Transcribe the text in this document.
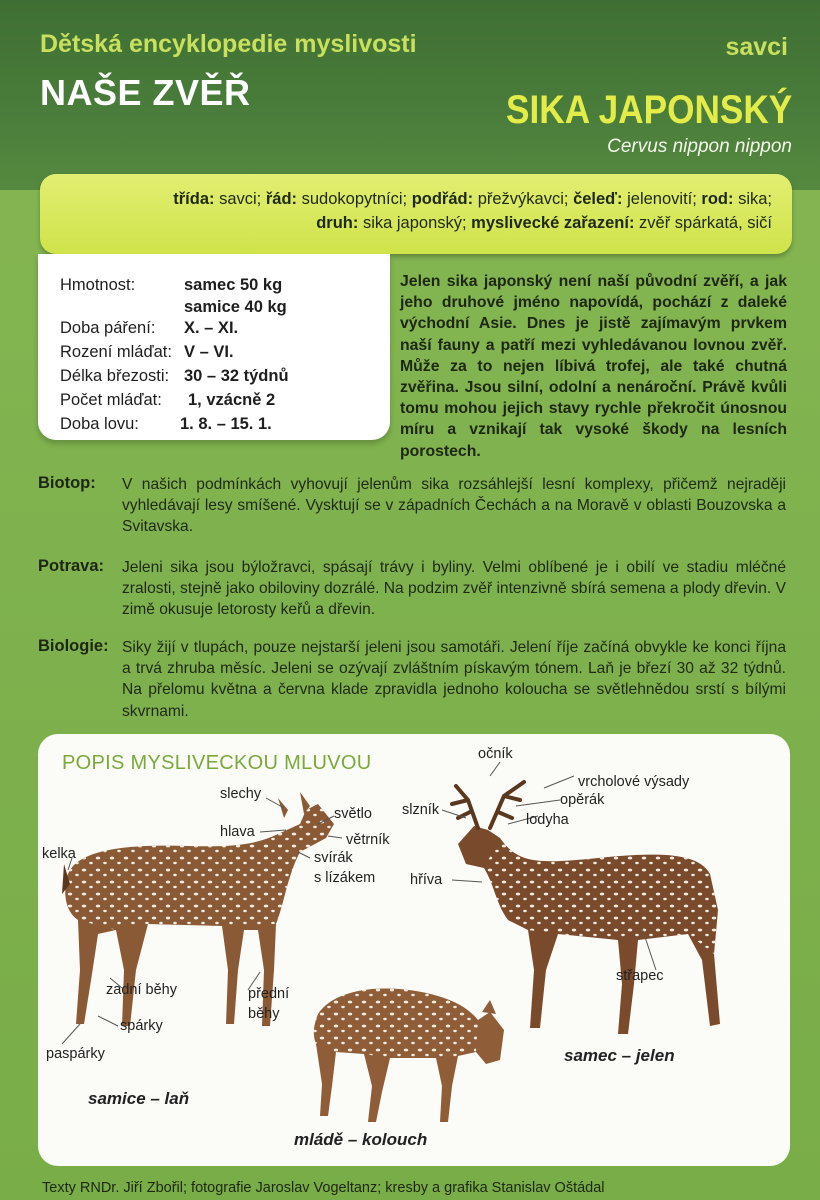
Dětská encyklopedie myslivosti	savci
NAŠE ZVĚŘ	SIKA JAPONSKÝ
Cervus nippon nippon
třída: savci; řád: sudokopytníci; podřád: přežvýkavci; čeleď: jelenovití; rod: sika;
druh: sika japonský; myslivecké zařazení: zvěř spárkatá, sičí
Hmotnost:	samec 50 kg
samice 40 kg
Doba páření: X. – XI.
Rození mláďat: V – VI.
Délka březosti: 30 – 32 týdnů
Počet mláďat: 1, vzácně 2
Doba lovu: 1. 8. – 15. 1.
Jelen sika japonský není naší původní zvěří, a jak jeho druhové jméno napovídá, pochází z daleké východní Asie. Dnes je jistě zajímavým prvkem naší fauny a patří mezi vyhledávanou lovnou zvěř. Může za to nejen líbivá trofej, ale také chutná zvěřina. Jsou silní, odolní a nenároční. Právě kvůli tomu mohou jejich stavy rychle překročit únosnou míru a vznikají tak vysoké škody na lesních porostech.
Biotop: V našich podmínkách vyhovují jelenům sika rozsáhlejší lesní komplexy, přičemž nejraději vyhledávají lesy smíšené. Vysktují se v západních Čechách a na Moravě v oblasti Bouzovska a Svitavska.
Potrava: Jeleni sika jsou býložravci, spásají trávy i byliny. Velmi oblíbené je i obilí ve stadiu mléčné zralosti, stejně jako obiloviny dozrálé. Na podzim zvěř intenzivně sbírá semena a plody dřevin. V zimě okusuje letorosty keřů a dřevin.
Biologie: Siky žijí v tlupách, pouze nejstarší jeleni jsou samotáři. Jelení říje začíná obvykle ke konci října a trvá zhruba měsíc. Jeleni se ozývají zvláštním pískavým tónem. Laň je březí 30 až 32 týdnů. Na přelomu května a června klade zpravidla jednoho koloucha se světlehnědou srstí s bílými skvrnami.
POPIS MYSLIVECKOU MLUVOU
slechy
světlo
hlava	větrník
kelka	svírák
s lízákem
zadní běhy	přední
běhy
spárky
paspárky
očník
vrcholové výsady
opěrák
slzník
lodyha
hříva
střapec
samice – laň
samec – jelen
mládě – kolouch
Texty RNDr. Jiří Zbořil; fotografie Jaroslav Vogeltanz; kresby a grafika Stanislav Oštádal
